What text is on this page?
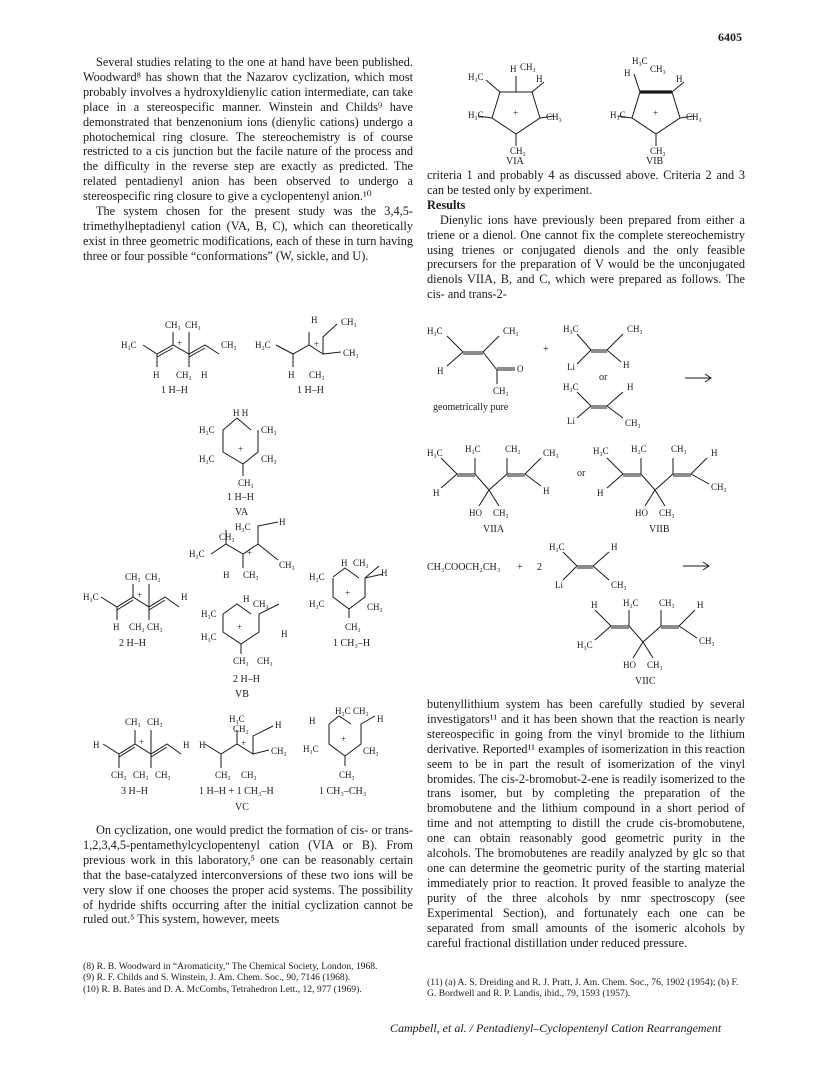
6405

Several studies relating to the one at hand have been published. Woodward⁸ has shown that the Nazarov cyclization, which most probably involves a hydroxyldienylic cation intermediate, can take place in a stereospecific manner. Winstein and Childs⁹ have demonstrated that benzenonium ions (dienylic cations) undergo a photochemical ring closure. The stereochemistry is of course restricted to a cis junction but the facile nature of the process and the difficulty in the reverse step are exactly as predicted. The related pentadienyl anion has been observed to undergo a stereospecific ring closure to give a cyclopentenyl anion.¹⁰

The system chosen for the present study was the 3,4,5-trimethylheptadienyl cation (VA, B, C), which can theoretically exist in three geometric modifications, each of these in turn having three or four possible “conformations” (W, sickle, and U).

H₃C
CH₃ CH₃
CH₃
H CH₃ H
+
1 H–H
H₃C
H	CH₃
CH₃
H CH₃
+
1 H–H
H₃C	CH₃
H₃C	CH₃
H H
CH₃
+
1 H–H
VA
H₃C
H₃C	H
CH₃
CH₃
H CH₃
+
H₃C
CH₃ CH₃
H
H CH₃ CH₃
+
2 H–H
H₃C
CH₃
H₃C	H
H
CH₃ CH₃
+
2 H–H
VB
H₃C
H₃C
H CH₃
H
CH₃
CH₃
+
1 CH₃–H
H
CH₃ CH₃
H
CH₃ CH₃ CH₃
+
3 H–H
H
H₃C
CH₃	H
CH₃
CH₃ CH₃
+
1 H–H + 1 CH₃–H
VC
H
H₃C CH₃
H
H₃C	CH₃
CH₃
+
1 CH₃–CH₃

On cyclization, one would predict the formation of cis- or trans-1,2,3,4,5-pentamethylcyclopentenyl cation (VIA or B). From previous work in this laboratory,⁵ one can be reasonably certain that the base-catalyzed interconversions of these two ions will be very slow if one chooses the proper acid systems. The possibility of hydride shifts occurring after the initial cyclization cannot be ruled out.⁵ This system, however, meets

(8) R. B. Woodward in “Aromaticity,” The Chemical Society, London, 1968.
(9) R. F. Childs and S. Winstein, J. Am. Chem. Soc., 90, 7146 (1968).
(10) R. B. Bates and D. A. McCombs, Tetrahedron Lett., 12, 977 (1969).
H₃C
H CH₃
H
H₃C	CH₃
CH₃
+
VIA
H₃C
CH₃
H
H
H₃C	CH₃
CH₃
+
VIB

criteria 1 and probably 4 as discussed above. Criteria 2 and 3 can be tested only by experiment.

Results

Dienylic ions have previously been prepared from either a triene or a dienol. One cannot fix the complete stereochemistry using trienes or conjugated dienols and the only feasible precursers for the preparation of V would be the unconjugated dienols VIIA, B, and C, which were prepared as follows. The cis- and trans-2-

H₃C	CH₃
H	O
CH₃
geometrically pure
+
H₃C	CH₃
Li	H
or
H₃C	H
Li	CH₃
H₃C H₃C	CH₃ CH₃
H	H
HO CH₃
VIIA
or
H₃C H₃C	CH₃	H
H
CH₃
HO CH₃
VIIB
CH₃COOCH₂CH₃ + 2
H₃C	H
Li	CH₃
H	H₃C CH₃ H
H₃C	CH₃
HO CH₃
VIIC

butenyllithium system has been carefully studied by several investigators¹¹ and it has been shown that the reaction is nearly stereospecific in going from the vinyl bromide to the lithium derivative. Reported¹¹ examples of isomerization in this reaction seem to be in part the result of isomerization of the vinyl bromides. The cis-2-bromobut-2-ene is readily isomerized to the trans isomer, but by completing the preparation of the bromobutene and the lithium compound in a short period of time and not attempting to distill the crude cis-bromobutene, one can obtain reasonably good geometric purity in the alcohols. The bromobutenes are readily analyzed by glc so that one can determine the geometric purity of the starting material immediately prior to reaction. It proved feasible to analyze the purity of the three alcohols by nmr spectroscopy (see Experimental Section), and fortunately each one can be separated from small amounts of the isomeric alcohols by careful fractional distillation under reduced pressure.

(11) (a) A. S. Dreiding and R. J. Pratt, J. Am. Chem. Soc., 76, 1902 (1954); (b) F. G. Bordwell and R. P. Landis, ibid., 79, 1593 (1957).
Campbell, et al. / Pentadienyl–Cyclopentenyl Cation Rearrangement
